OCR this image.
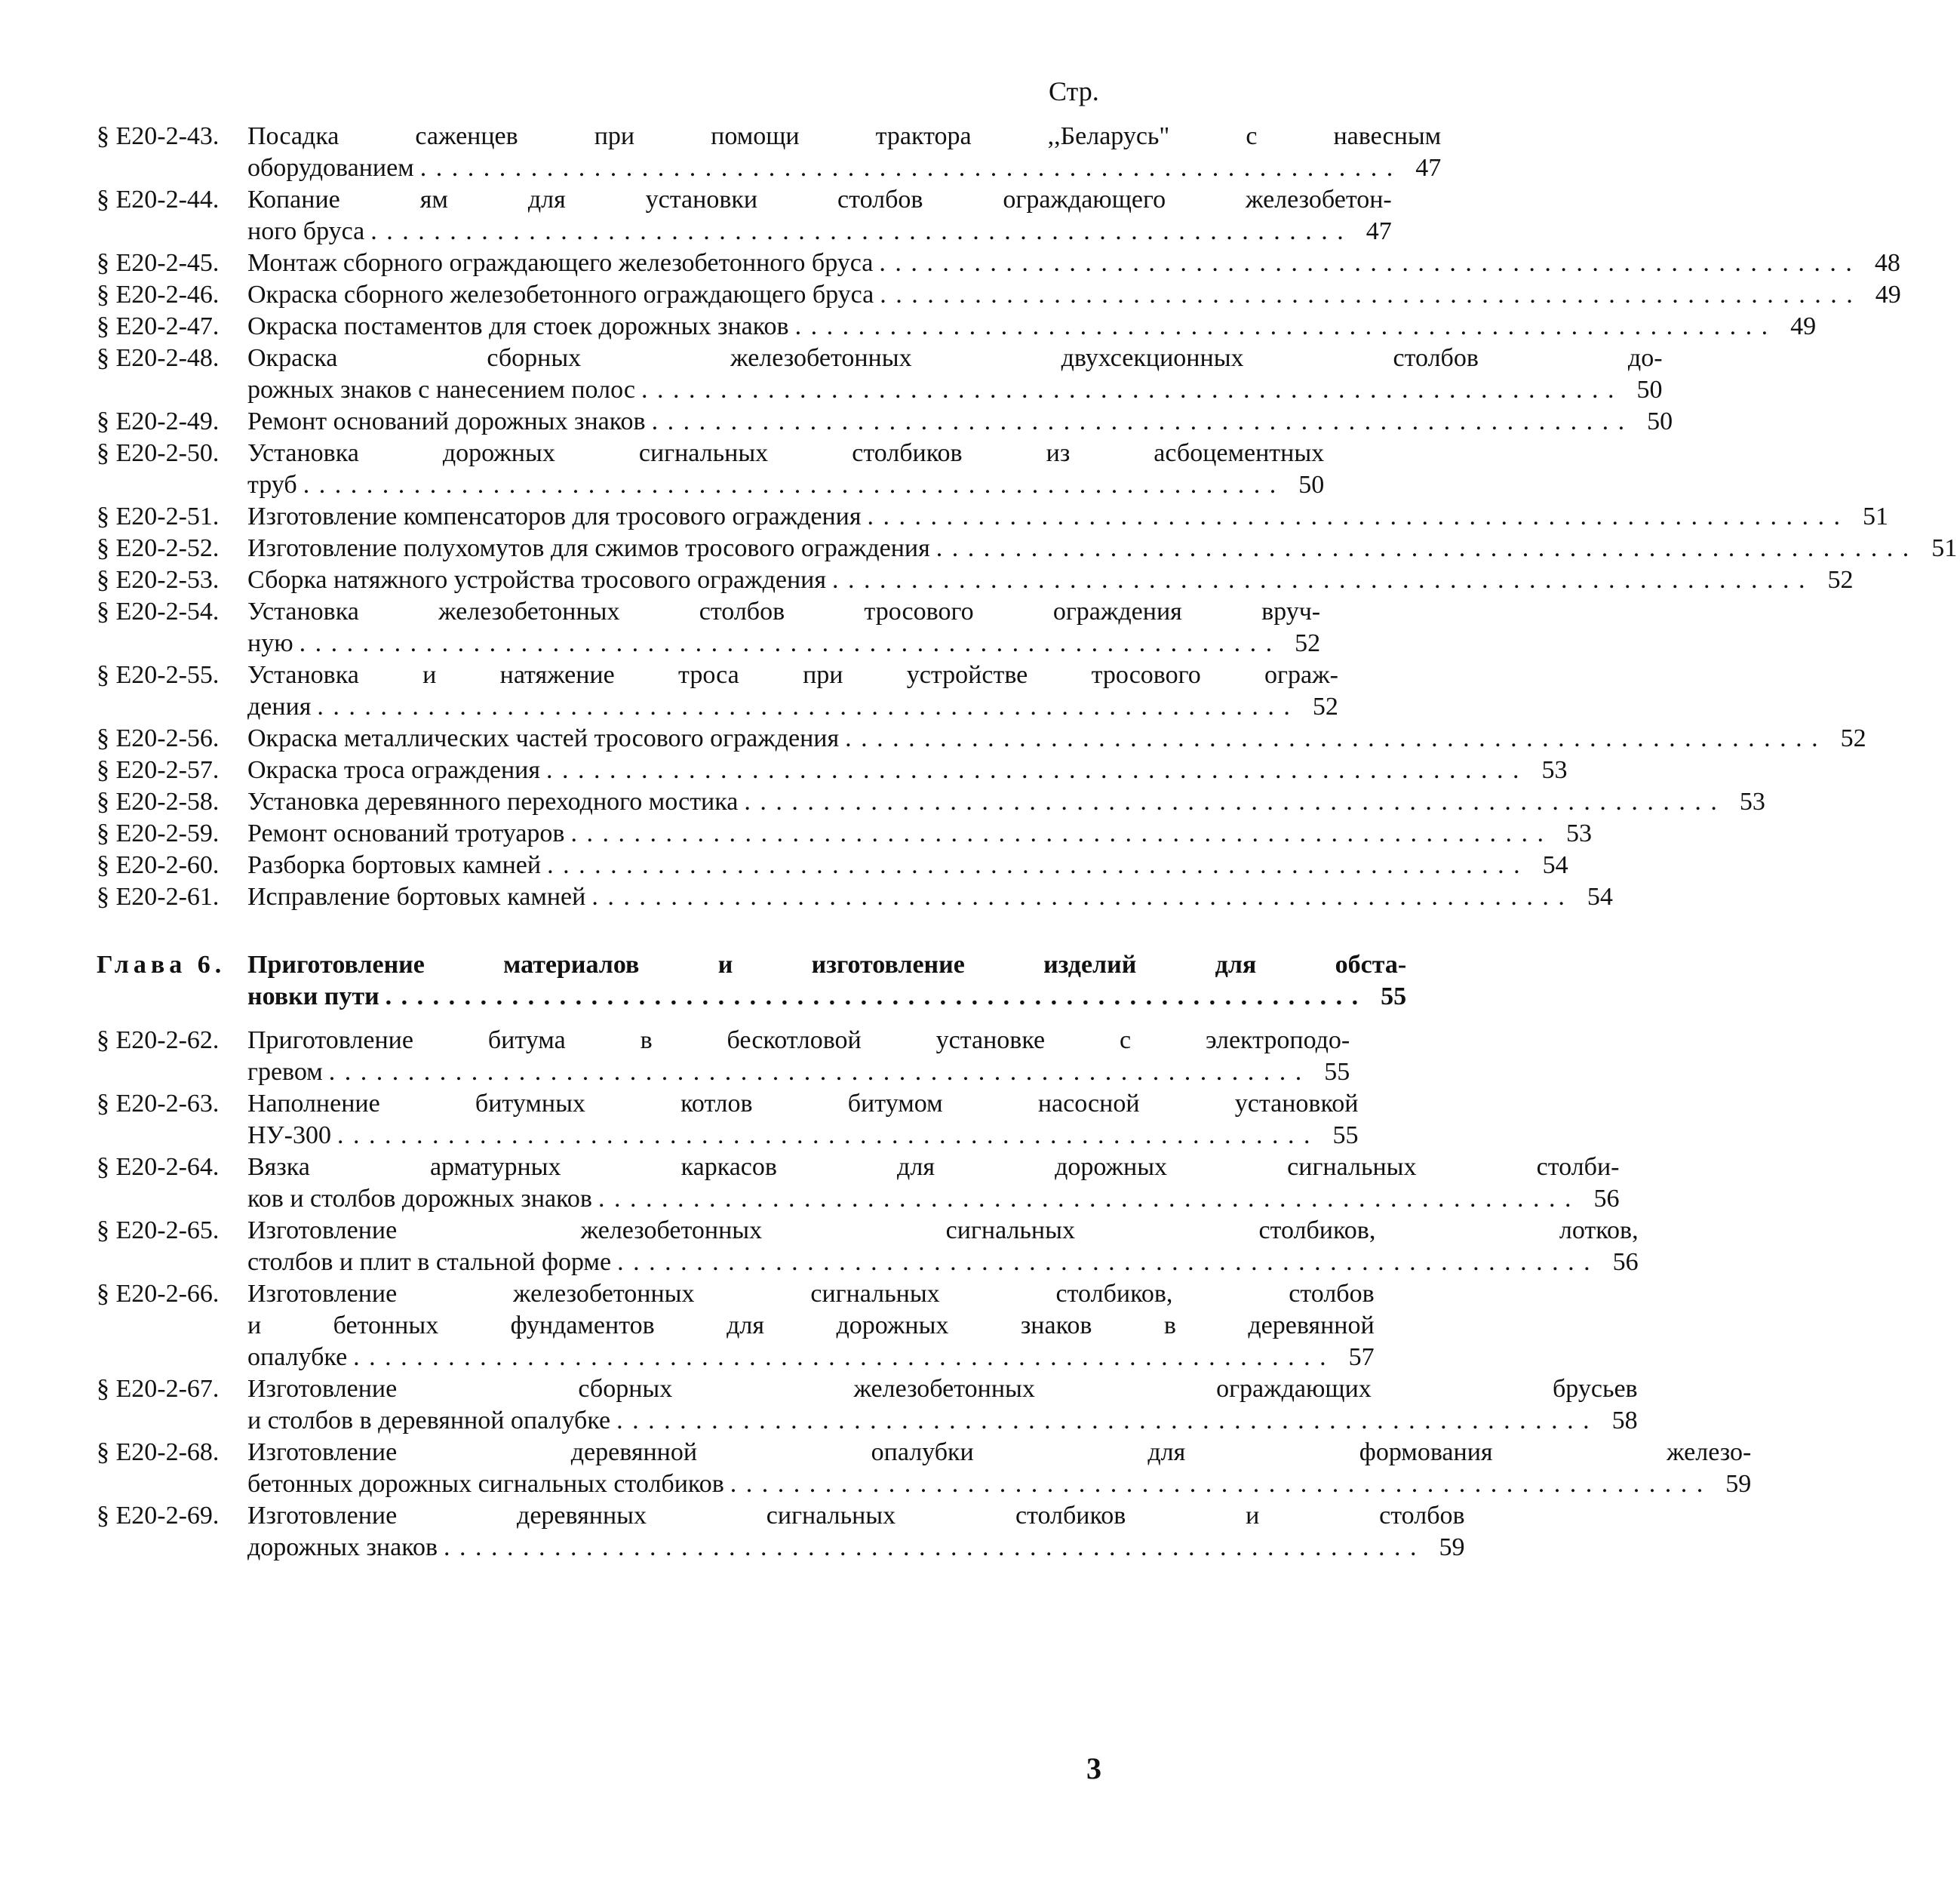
Стр.
§ E20-2-43.	Посадка саженцев при помощи трактора ,,Беларусь" с навесным
оборудованием . . . . . . . . . . . . . . . . . . . . . . . . . . . . . . . . . . . . . . . . . . . . . . . . . . . . . . . . . . . . . . 47
§ E20-2-44.	Копание ям для установки столбов ограждающего железобетон-
ного бруса . . . . . . . . . . . . . . . . . . . . . . . . . . . . . . . . . . . . . . . . . . . . . . . . . . . . . . . . . . . . . . 47
§ E20-2-45.	Монтаж сборного ограждающего железобетонного бруса . . . . . . . . . . . . . . . . . . . . . . . . . . . . . . . . . . . . . . . . . . . . . . . . . . . . . . . . . . . . . . 48
§ E20-2-46.	Окраска сборного железобетонного ограждающего бруса . . . . . . . . . . . . . . . . . . . . . . . . . . . . . . . . . . . . . . . . . . . . . . . . . . . . . . . . . . . . . . 49
§ E20-2-47.	Окраска постаментов для стоек дорожных знаков . . . . . . . . . . . . . . . . . . . . . . . . . . . . . . . . . . . . . . . . . . . . . . . . . . . . . . . . . . . . . . 49
§ E20-2-48.	Окраска сборных железобетонных двухсекционных столбов до-
рожных знаков с нанесением полос . . . . . . . . . . . . . . . . . . . . . . . . . . . . . . . . . . . . . . . . . . . . . . . . . . . . . . . . . . . . . . 50
§ E20-2-49.	Ремонт оснований дорожных знаков . . . . . . . . . . . . . . . . . . . . . . . . . . . . . . . . . . . . . . . . . . . . . . . . . . . . . . . . . . . . . . 50
§ E20-2-50.	Установка дорожных сигнальных столбиков из асбоцементных
труб . . . . . . . . . . . . . . . . . . . . . . . . . . . . . . . . . . . . . . . . . . . . . . . . . . . . . . . . . . . . . . 50
§ E20-2-51.	Изготовление компенсаторов для тросового ограждения . . . . . . . . . . . . . . . . . . . . . . . . . . . . . . . . . . . . . . . . . . . . . . . . . . . . . . . . . . . . . . 51
§ E20-2-52.	Изготовление полухомутов для сжимов тросового ограждения . . . . . . . . . . . . . . . . . . . . . . . . . . . . . . . . . . . . . . . . . . . . . . . . . . . . . . . . . . . . . . 51
§ E20-2-53.	Сборка натяжного устройства тросового ограждения . . . . . . . . . . . . . . . . . . . . . . . . . . . . . . . . . . . . . . . . . . . . . . . . . . . . . . . . . . . . . . 52
§ E20-2-54.	Установка железобетонных столбов тросового ограждения вруч-
ную . . . . . . . . . . . . . . . . . . . . . . . . . . . . . . . . . . . . . . . . . . . . . . . . . . . . . . . . . . . . . . 52
§ E20-2-55.	Установка и натяжение троса при устройстве тросового ограж-
дения . . . . . . . . . . . . . . . . . . . . . . . . . . . . . . . . . . . . . . . . . . . . . . . . . . . . . . . . . . . . . . 52
§ E20-2-56.	Окраска металлических частей тросового ограждения . . . . . . . . . . . . . . . . . . . . . . . . . . . . . . . . . . . . . . . . . . . . . . . . . . . . . . . . . . . . . . 52
§ E20-2-57.	Окраска троса ограждения . . . . . . . . . . . . . . . . . . . . . . . . . . . . . . . . . . . . . . . . . . . . . . . . . . . . . . . . . . . . . . 53
§ E20-2-58.	Установка деревянного переходного мостика . . . . . . . . . . . . . . . . . . . . . . . . . . . . . . . . . . . . . . . . . . . . . . . . . . . . . . . . . . . . . . 53
§ E20-2-59.	Ремонт оснований тротуаров . . . . . . . . . . . . . . . . . . . . . . . . . . . . . . . . . . . . . . . . . . . . . . . . . . . . . . . . . . . . . . 53
§ E20-2-60.	Разборка бортовых камней . . . . . . . . . . . . . . . . . . . . . . . . . . . . . . . . . . . . . . . . . . . . . . . . . . . . . . . . . . . . . . 54
§ E20-2-61.	Исправление бортовых камней . . . . . . . . . . . . . . . . . . . . . . . . . . . . . . . . . . . . . . . . . . . . . . . . . . . . . . . . . . . . . . 54
Глава 6. Приготовление материалов и изготовление изделий для обста-
новки пути . . . . . . . . . . . . . . . . . . . . . . . . . . . . . . . . . . . . . . . . . . . . . . . . . . . . . . . . . . . . . . 55
§ E20-2-62.	Приготовление битума в бескотловой установке с электроподо-
гревом . . . . . . . . . . . . . . . . . . . . . . . . . . . . . . . . . . . . . . . . . . . . . . . . . . . . . . . . . . . . . . 55
§ E20-2-63.	Наполнение битумных котлов битумом насосной установкой
НУ-300 . . . . . . . . . . . . . . . . . . . . . . . . . . . . . . . . . . . . . . . . . . . . . . . . . . . . . . . . . . . . . . 55
§ E20-2-64.	Вязка арматурных каркасов для дорожных сигнальных столби-
ков и столбов дорожных знаков . . . . . . . . . . . . . . . . . . . . . . . . . . . . . . . . . . . . . . . . . . . . . . . . . . . . . . . . . . . . . . 56
§ E20-2-65.	Изготовление железобетонных сигнальных столбиков, лотков,
столбов и плит в стальной форме . . . . . . . . . . . . . . . . . . . . . . . . . . . . . . . . . . . . . . . . . . . . . . . . . . . . . . . . . . . . . . 56
§ E20-2-66.	Изготовление железобетонных сигнальных столбиков, столбов
и бетонных фундаментов для дорожных знаков в деревянной
опалубке . . . . . . . . . . . . . . . . . . . . . . . . . . . . . . . . . . . . . . . . . . . . . . . . . . . . . . . . . . . . . . 57
§ E20-2-67.	Изготовление сборных железобетонных ограждающих брусьев
и столбов в деревянной опалубке . . . . . . . . . . . . . . . . . . . . . . . . . . . . . . . . . . . . . . . . . . . . . . . . . . . . . . . . . . . . . . 58
§ E20-2-68.	Изготовление деревянной опалубки для формования железо-
бетонных дорожных сигнальных столбиков . . . . . . . . . . . . . . . . . . . . . . . . . . . . . . . . . . . . . . . . . . . . . . . . . . . . . . . . . . . . . . 59
§ E20-2-69.	Изготовление деревянных сигнальных столбиков и столбов
дорожных знаков . . . . . . . . . . . . . . . . . . . . . . . . . . . . . . . . . . . . . . . . . . . . . . . . . . . . . . . . . . . . . . 59
3
